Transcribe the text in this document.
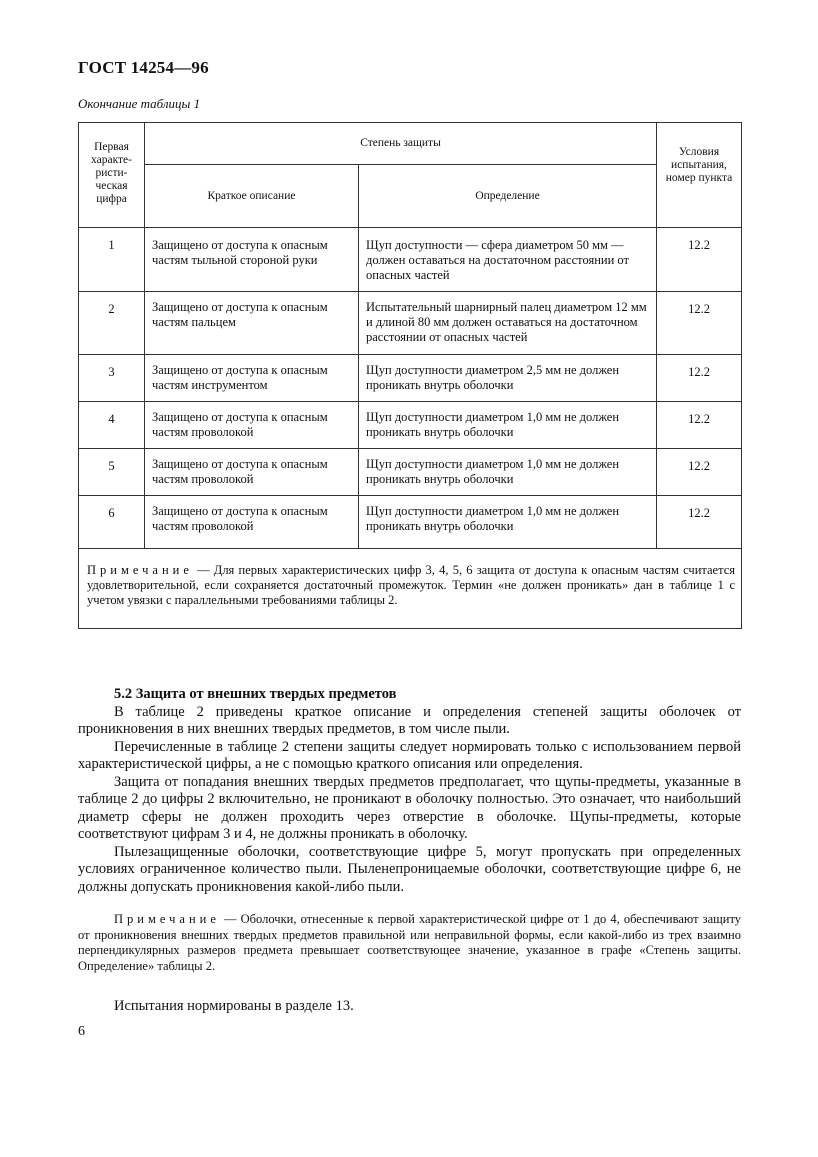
ГОСТ 14254—96
Окончание таблицы 1
Первая характе-ристи-ческая цифра	Степень защиты		Условия испытания, номер пункта
	Краткое описание	Определение	
1	Защищено от доступа к опасным частям тыльной стороной руки	Щуп доступности — сфера диаметром 50 мм — должен оставаться на достаточном расстоянии от опасных частей	12.2
2	Защищено от доступа к опасным частям пальцем	Испытательный шарнирный палец диаметром 12 мм и длиной 80 мм должен оставаться на достаточном расстоянии от опасных частей	12.2
3	Защищено от доступа к опасным частям инструментом	Щуп доступности диаметром 2,5 мм не должен проникать внутрь оболочки	12.2
4	Защищено от доступа к опасным частям проволокой	Щуп доступности диаметром 1,0 мм не должен проникать внутрь оболочки	12.2
5	Защищено от доступа к опасным частям проволокой	Щуп доступности диаметром 1,0 мм не должен проникать внутрь оболочки	12.2
6	Защищено от доступа к опасным частям проволокой	Щуп доступности диаметром 1,0 мм не должен проникать внутрь оболочки	12.2
Примечание — Для первых характеристических цифр 3, 4, 5, 6 защита от доступа к опасным частям считается удовлетворительной, если сохраняется достаточный промежуток. Термин «не должен проникать» дан в таблице 1 с учетом увязки с параллельными требованиями таблицы 2.			
5.2 Защита от внешних твердых предметов

В таблице 2 приведены краткое описание и определения степеней защиты оболочек от проникновения в них внешних твердых предметов, в том числе пыли.

Перечисленные в таблице 2 степени защиты следует нормировать только с использованием первой характеристической цифры, а не с помощью краткого описания или определения.

Защита от попадания внешних твердых предметов предполагает, что щупы-предметы, указанные в таблице 2 до цифры 2 включительно, не проникают в оболочку полностью. Это означает, что наибольший диаметр сферы не должен проходить через отверстие в оболочке. Щупы-предметы, которые соответствуют цифрам 3 и 4, не должны проникать в оболочку.

Пылезащищенные оболочки, соответствующие цифре 5, могут пропускать при определенных условиях ограниченное количество пыли. Пыленепроницаемые оболочки, соответствующие цифре 6, не должны допускать проникновения какой-либо пыли.

Примечание — Оболочки, отнесенные к первой характеристической цифре от 1 до 4, обеспечивают защиту от проникновения внешних твердых предметов правильной или неправильной формы, если какой-либо из трех взаимно перпендикулярных размеров предмета превышает соответствующее значение, указанное в графе «Степень защиты. Определение» таблицы 2.
Испытания нормированы в разделе 13.
6
